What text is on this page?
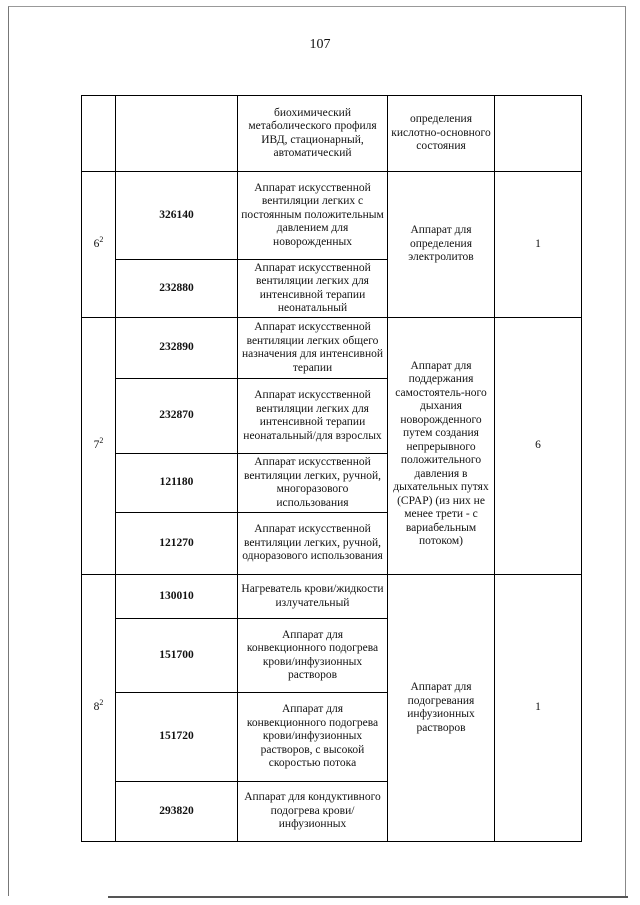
107
		биохимический метаболического профиля ИВД, стационарный, автоматический	определения кислотно-основного состояния	
$6^2$	326140	Аппарат искусственной вентиляции легких с постоянным положительным давлением для новорожденных	Аппарат для определения электролитов	1
	232880	Аппарат искусственной вентиляции легких для интенсивной терапии неонатальный		
$7^2$	232890	Аппарат искусственной вентиляции легких общего назначения для интенсивной терапии	Аппарат для поддержания самостоятель-ного дыхания новорожденного путем создания непрерывного положительного давления в дыхательных путях (CPAP) (из них не менее трети - с вариабельным потоком)	6
	232870	Аппарат искусственной вентиляции легких для интенсивной терапии неонатальный/для взрослых		
	121180	Аппарат искусственной вентиляции легких, ручной, многоразового использования		
	121270	Аппарат искусственной вентиляции легких, ручной, одноразового использования		
$8^2$	130010	Нагреватель крови/жидкости излучательный	Аппарат для подогревания инфузионных растворов	1
	151700	Аппарат для конвекционного подогрева крови/инфузионных растворов		
	151720	Аппарат для конвекционного подогрева крови/инфузионных растворов, с высокой скоростью потока		
	293820	Аппарат для кондуктивного подогрева крови/инфузионных		
